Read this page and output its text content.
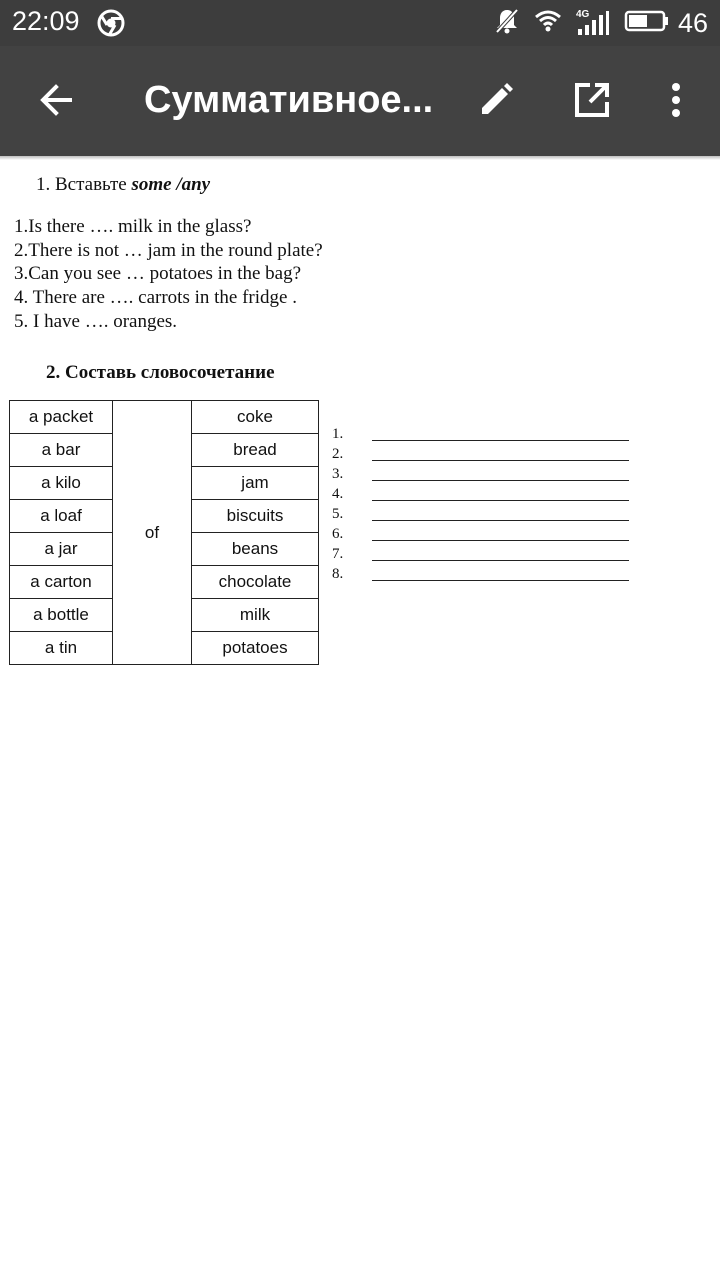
22:09	4G	46
Суммативное...
1. Вставьте some /any
1.Is there …. milk in the glass?
2.There is not … jam in the round plate?
3.Can you see … potatoes in the bag?
4. There are …. carrots in the fridge .
5. I have …. oranges.
2. Составь словосочетание
a packet	of	coke
a bar		bread
a kilo		jam
a loaf		biscuits
a jar		beans
a carton		chocolate
a bottle		milk
a tin		potatoes
1.
2.
3.
4.
5.
6.
7.
8.
